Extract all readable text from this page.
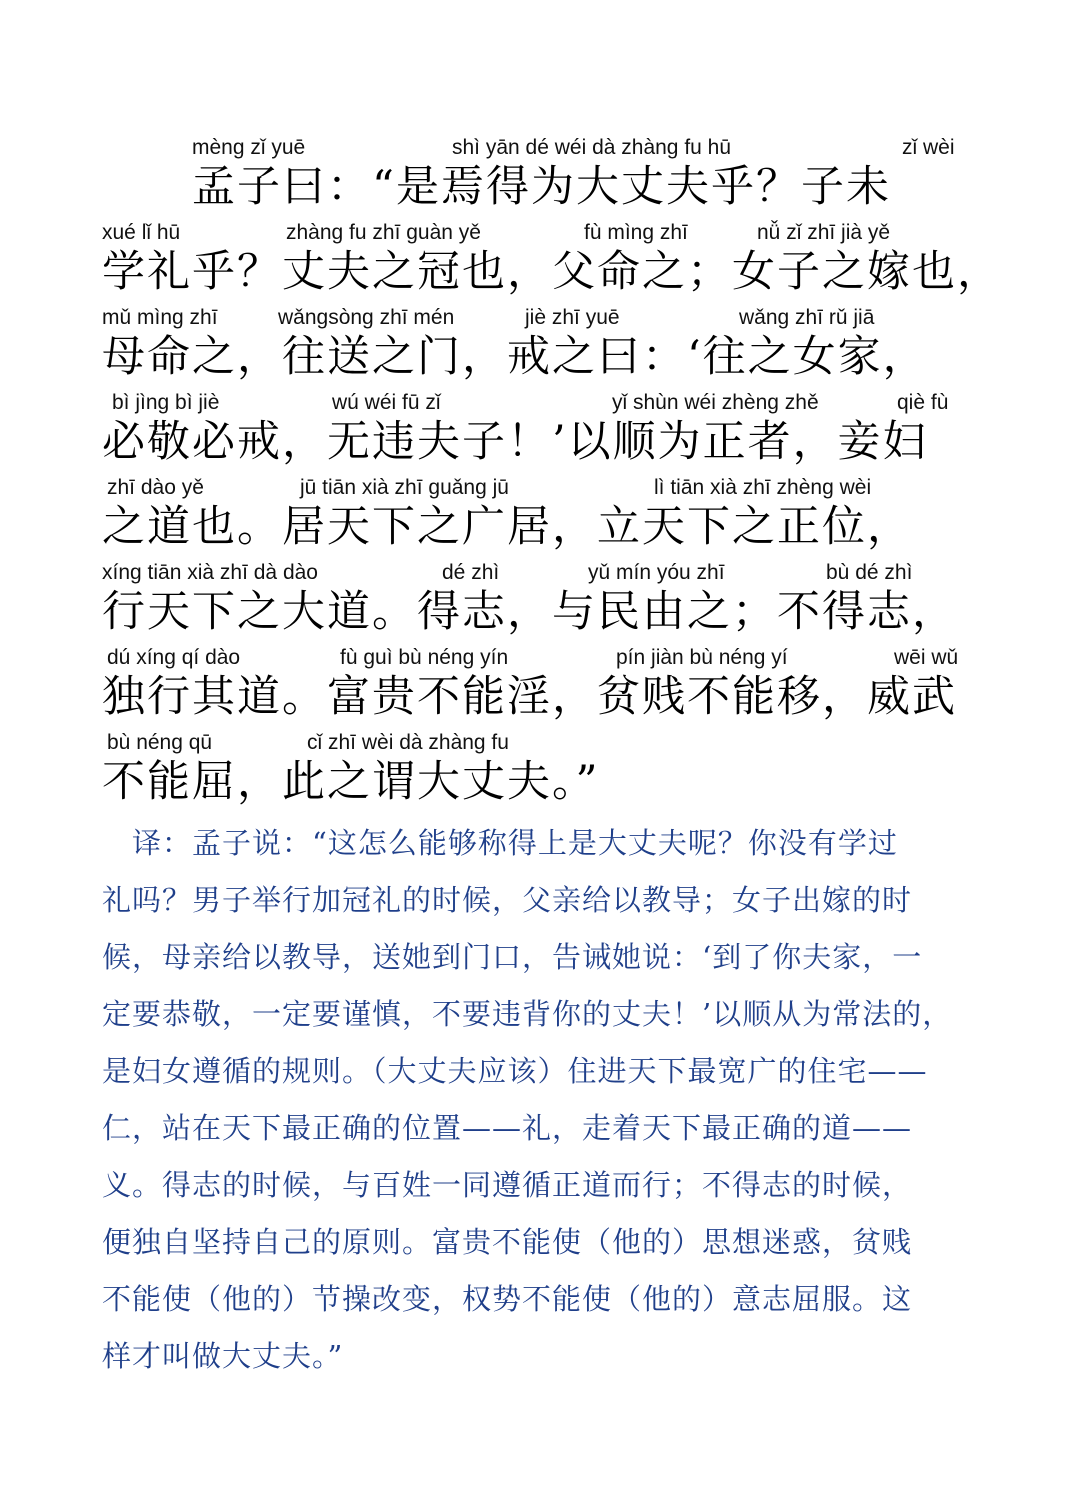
mèng zǐ yuē	shì yān dé wéi dà zhàng fu hū	zǐ wèi
　　孟子曰：“是焉得为大丈夫乎？子未
xué lǐ hū	zhàng fu zhī guàn yě	fù mìng zhī	nǚ zǐ zhī jià yě
学礼乎？丈夫之冠也，父命之；女子之嫁也，
mǔ mìng zhī	wǎngsòng zhī mén	jiè zhī yuē	wǎng zhī rǔ jiā
母命之，往送之门，戒之曰：‘往之女家，
bì jìng bì jiè	wú wéi fū zǐ	yǐ shùn wéi zhèng zhě	qiè fù
必敬必戒，无违夫子！’以顺为正者，妾妇
zhī dào yě	jū tiān xià zhī guǎng jū	lì tiān xià zhī zhèng wèi
之道也。居天下之广居，立天下之正位，
xíng tiān xià zhī dà dào	dé zhì	yǔ mín yóu zhī	bù dé zhì
行天下之大道。得志，与民由之；不得志，
dú xíng qí dào	fù guì bù néng yín	pín jiàn bù néng yí	wēi wǔ
独行其道。富贵不能淫，贫贱不能移，威武
bù néng qū	cǐ zhī wèi dà zhàng fu
不能屈，此之谓大丈夫。”
　译：孟子说：“这怎么能够称得上是大丈夫呢？你没有学过
礼吗？男子举行加冠礼的时候，父亲给以教导；女子出嫁的时
候，母亲给以教导，送她到门口，告诫她说：‘到了你夫家，一
定要恭敬，一定要谨慎，不要违背你的丈夫！’以顺从为常法的，
是妇女遵循的规则。（大丈夫应该）住进天下最宽广的住宅——
仁，站在天下最正确的位置——礼，走着天下最正确的道——
义。得志的时候，与百姓一同遵循正道而行；不得志的时候，
便独自坚持自己的原则。富贵不能使（他的）思想迷惑，贫贱
不能使（他的）节操改变，权势不能使（他的）意志屈服。这
样才叫做大丈夫。”
